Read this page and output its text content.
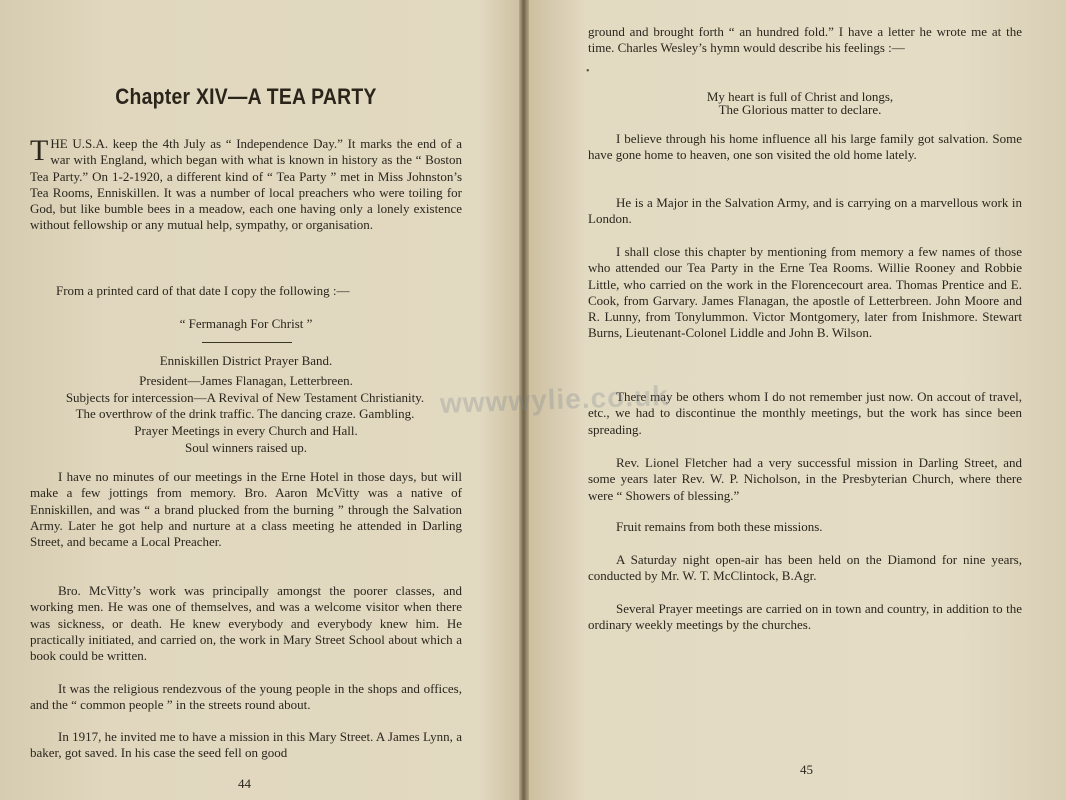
Chapter XIV—A TEA PARTY
THE U.S.A. keep the 4th July as “ Independence Day.” It marks the end of a war with England, which began with what is known in history as the “ Boston Tea Party.” On 1-2-1920, a different kind of “ Tea Party ” met in Miss Johnston’s Tea Rooms, Enniskillen. It was a number of local preachers who were toiling for God, but like bumble bees in a meadow, each one having only a lonely existence without fellowship or any mutual help, sympathy, or organisation.
From a printed card of that date I copy the following :—
“ Fermanagh For Christ ”
Enniskillen District Prayer Band.
President—James Flanagan, Letterbreen.
Subjects for intercession—A Revival of New Testament Christianity.
The overthrow of the drink traffic. The dancing craze. Gambling.
Prayer Meetings in every Church and Hall.
Soul winners raised up.
I have no minutes of our meetings in the Erne Hotel in those days, but will make a few jottings from memory. Bro. Aaron McVitty was a native of Enniskillen, and was “ a brand plucked from the burning ” through the Salvation Army. Later he got help and nurture at a class meeting he attended in Darling Street, and became a Local Preacher.
Bro. McVitty’s work was principally amongst the poorer classes, and working men. He was one of themselves, and was a welcome visitor when there was sickness, or death. He knew everybody and everybody knew him. He practically initiated, and carried on, the work in Mary Street School about which a book could be written.
It was the religious rendezvous of the young people in the shops and offices, and the “ common people ” in the streets round about.
In 1917, he invited me to have a mission in this Mary Street. A James Lynn, a baker, got saved. In his case the seed fell on good
44
ground and brought forth “ an hundred fold.” I have a letter he wrote me at the time. Charles Wesley’s hymn would describe his feelings :—
•
My heart is full of Christ and longs,
The Glorious matter to declare.
I believe through his home influence all his large family got salvation. Some have gone home to heaven, one son visited the old home lately.
He is a Major in the Salvation Army, and is carrying on a marvellous work in London.
I shall close this chapter by mentioning from memory a few names of those who attended our Tea Party in the Erne Tea Rooms. Willie Rooney and Robbie Little, who carried on the work in the Florencecourt area. Thomas Prentice and E. Cook, from Garvary. James Flanagan, the apostle of Letterbreen. John Moore and R. Lunny, from Tonylummon. Victor Montgomery, later from Inishmore. Stewart Burns, Lieutenant-Colonel Liddle and John B. Wilson.
There may be others whom I do not remember just now. On accout of travel, etc., we had to discontinue the monthly meetings, but the work has since been spreading.
Rev. Lionel Fletcher had a very successful mission in Darling Street, and some years later Rev. W. P. Nicholson, in the Presbyterian Church, where there were “ Showers of blessing.”
Fruit remains from both these missions.
A Saturday night open-air has been held on the Diamond for nine years, conducted by Mr. W. T. McClintock, B.Agr.
Several Prayer meetings are carried on in town and country, in addition to the ordinary weekly meetings by the churches.
45
wwwwylie.co.uk
